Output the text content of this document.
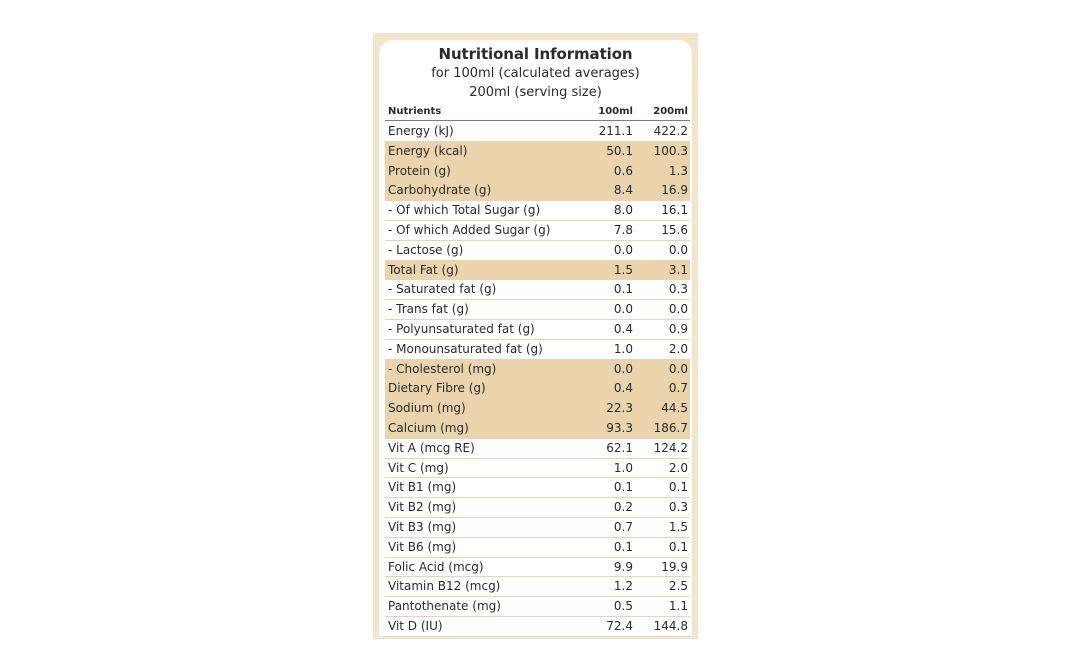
Nutritional Information
for 100ml (calculated averages)
200ml (serving size)
Nutrients	100ml 200ml
Energy (kJ)	211.1 422.2
Energy (kcal)	50.1 100.3
Protein (g)	0.6	1.3
Carbohydrate (g)	8.4 16.9
- Of which Total Sugar (g)	8.0 16.1
- Of which Added Sugar (g)	7.8 15.6
- Lactose (g)	0.0	0.0
Total Fat (g)	1.5	3.1
- Saturated fat (g)	0.1	0.3
- Trans fat (g)	0.0	0.0
- Polyunsaturated fat (g)	0.4	0.9
- Monounsaturated fat (g)	1.0	2.0
- Cholesterol (mg)	0.0	0.0
Dietary Fibre (g)	0.4	0.7
Sodium (mg)	22.3 44.5
Calcium (mg)	93.3 186.7
Vit A (mcg RE)	62.1 124.2
Vit C (mg)	1.0	2.0
Vit B1 (mg)	0.1	0.1
Vit B2 (mg)	0.2	0.3
Vit B3 (mg)	0.7	1.5
Vit B6 (mg)	0.1	0.1
Folic Acid (mcg)	9.9 19.9
Vitamin B12 (mcg)	1.2	2.5
Pantothenate (mg)	0.5	1.1
Vit D (IU)	72.4 144.8
